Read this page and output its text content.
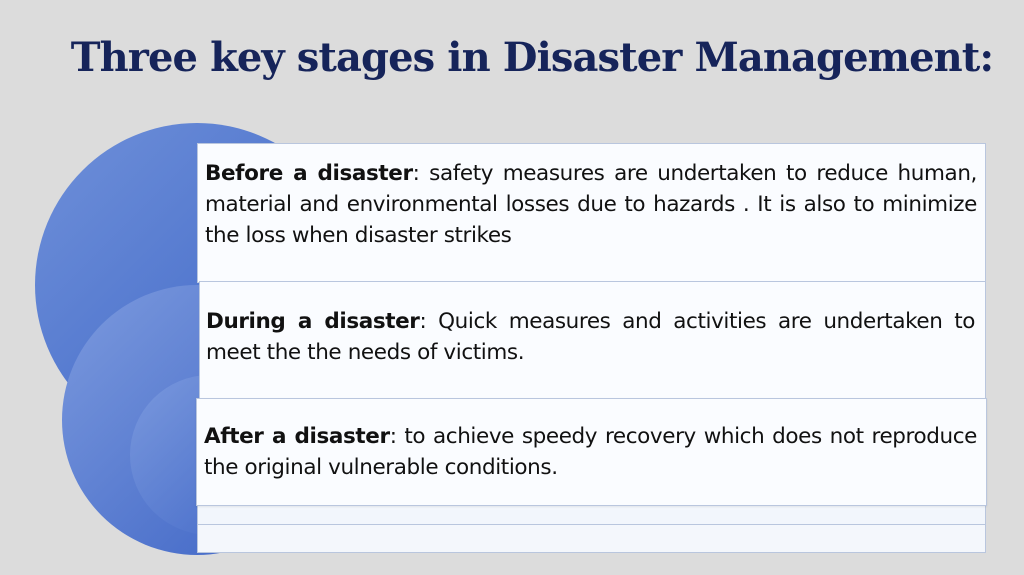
Three key stages in Disaster Management:

Before a disaster: safety measures are undertaken to reduce human, material and environmental losses due to hazards . It is also to minimize the loss when disaster strikes

During a disaster: Quick measures and activities are undertaken to meet the the needs of victims.

After a disaster: to achieve speedy recovery which does not reproduce the original vulnerable conditions.
